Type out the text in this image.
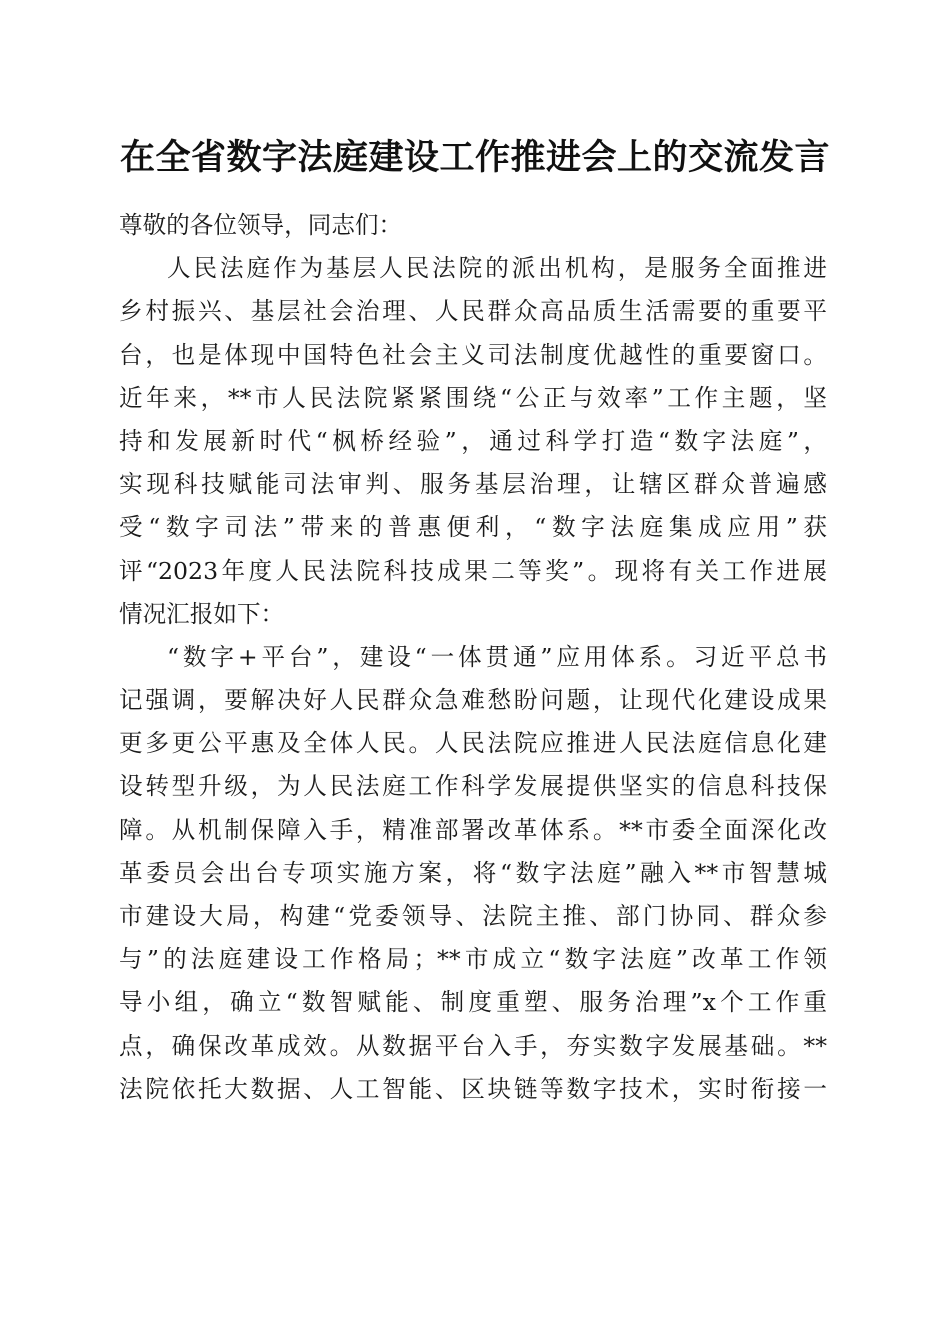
在全省数字法庭建设工作推进会上的交流发言
尊敬的各位领导，同志们：
人民法庭作为基层人民法院的派出机构，是服务全面推进
乡村振兴、基层社会治理、人民群众高品质生活需要的重要平
台，也是体现中国特色社会主义司法制度优越性的重要窗口。
近年来，**市人民法院紧紧围绕“公正与效率”工作主题，坚
持和发展新时代“枫桥经验”，通过科学打造“数字法庭”，
实现科技赋能司法审判、服务基层治理，让辖区群众普遍感
受“数字司法”带来的普惠便利，“数字法庭集成应用”获
评“2023年度人民法院科技成果二等奖”。现将有关工作进展
情况汇报如下：
“数字+平台”，建设“一体贯通”应用体系。习近平总书
记强调，要解决好人民群众急难愁盼问题，让现代化建设成果
更多更公平惠及全体人民。人民法院应推进人民法庭信息化建
设转型升级，为人民法庭工作科学发展提供坚实的信息科技保
障。从机制保障入手，精准部署改革体系。**市委全面深化改
革委员会出台专项实施方案，将“数字法庭”融入**市智慧城
市建设大局，构建“党委领导、法院主推、部门协同、群众参
与”的法庭建设工作格局；**市成立“数字法庭”改革工作领
导小组，确立“数智赋能、制度重塑、服务治理”x个工作重
点，确保改革成效。从数据平台入手，夯实数字发展基础。**
法院依托大数据、人工智能、区块链等数字技术，实时衔接一
